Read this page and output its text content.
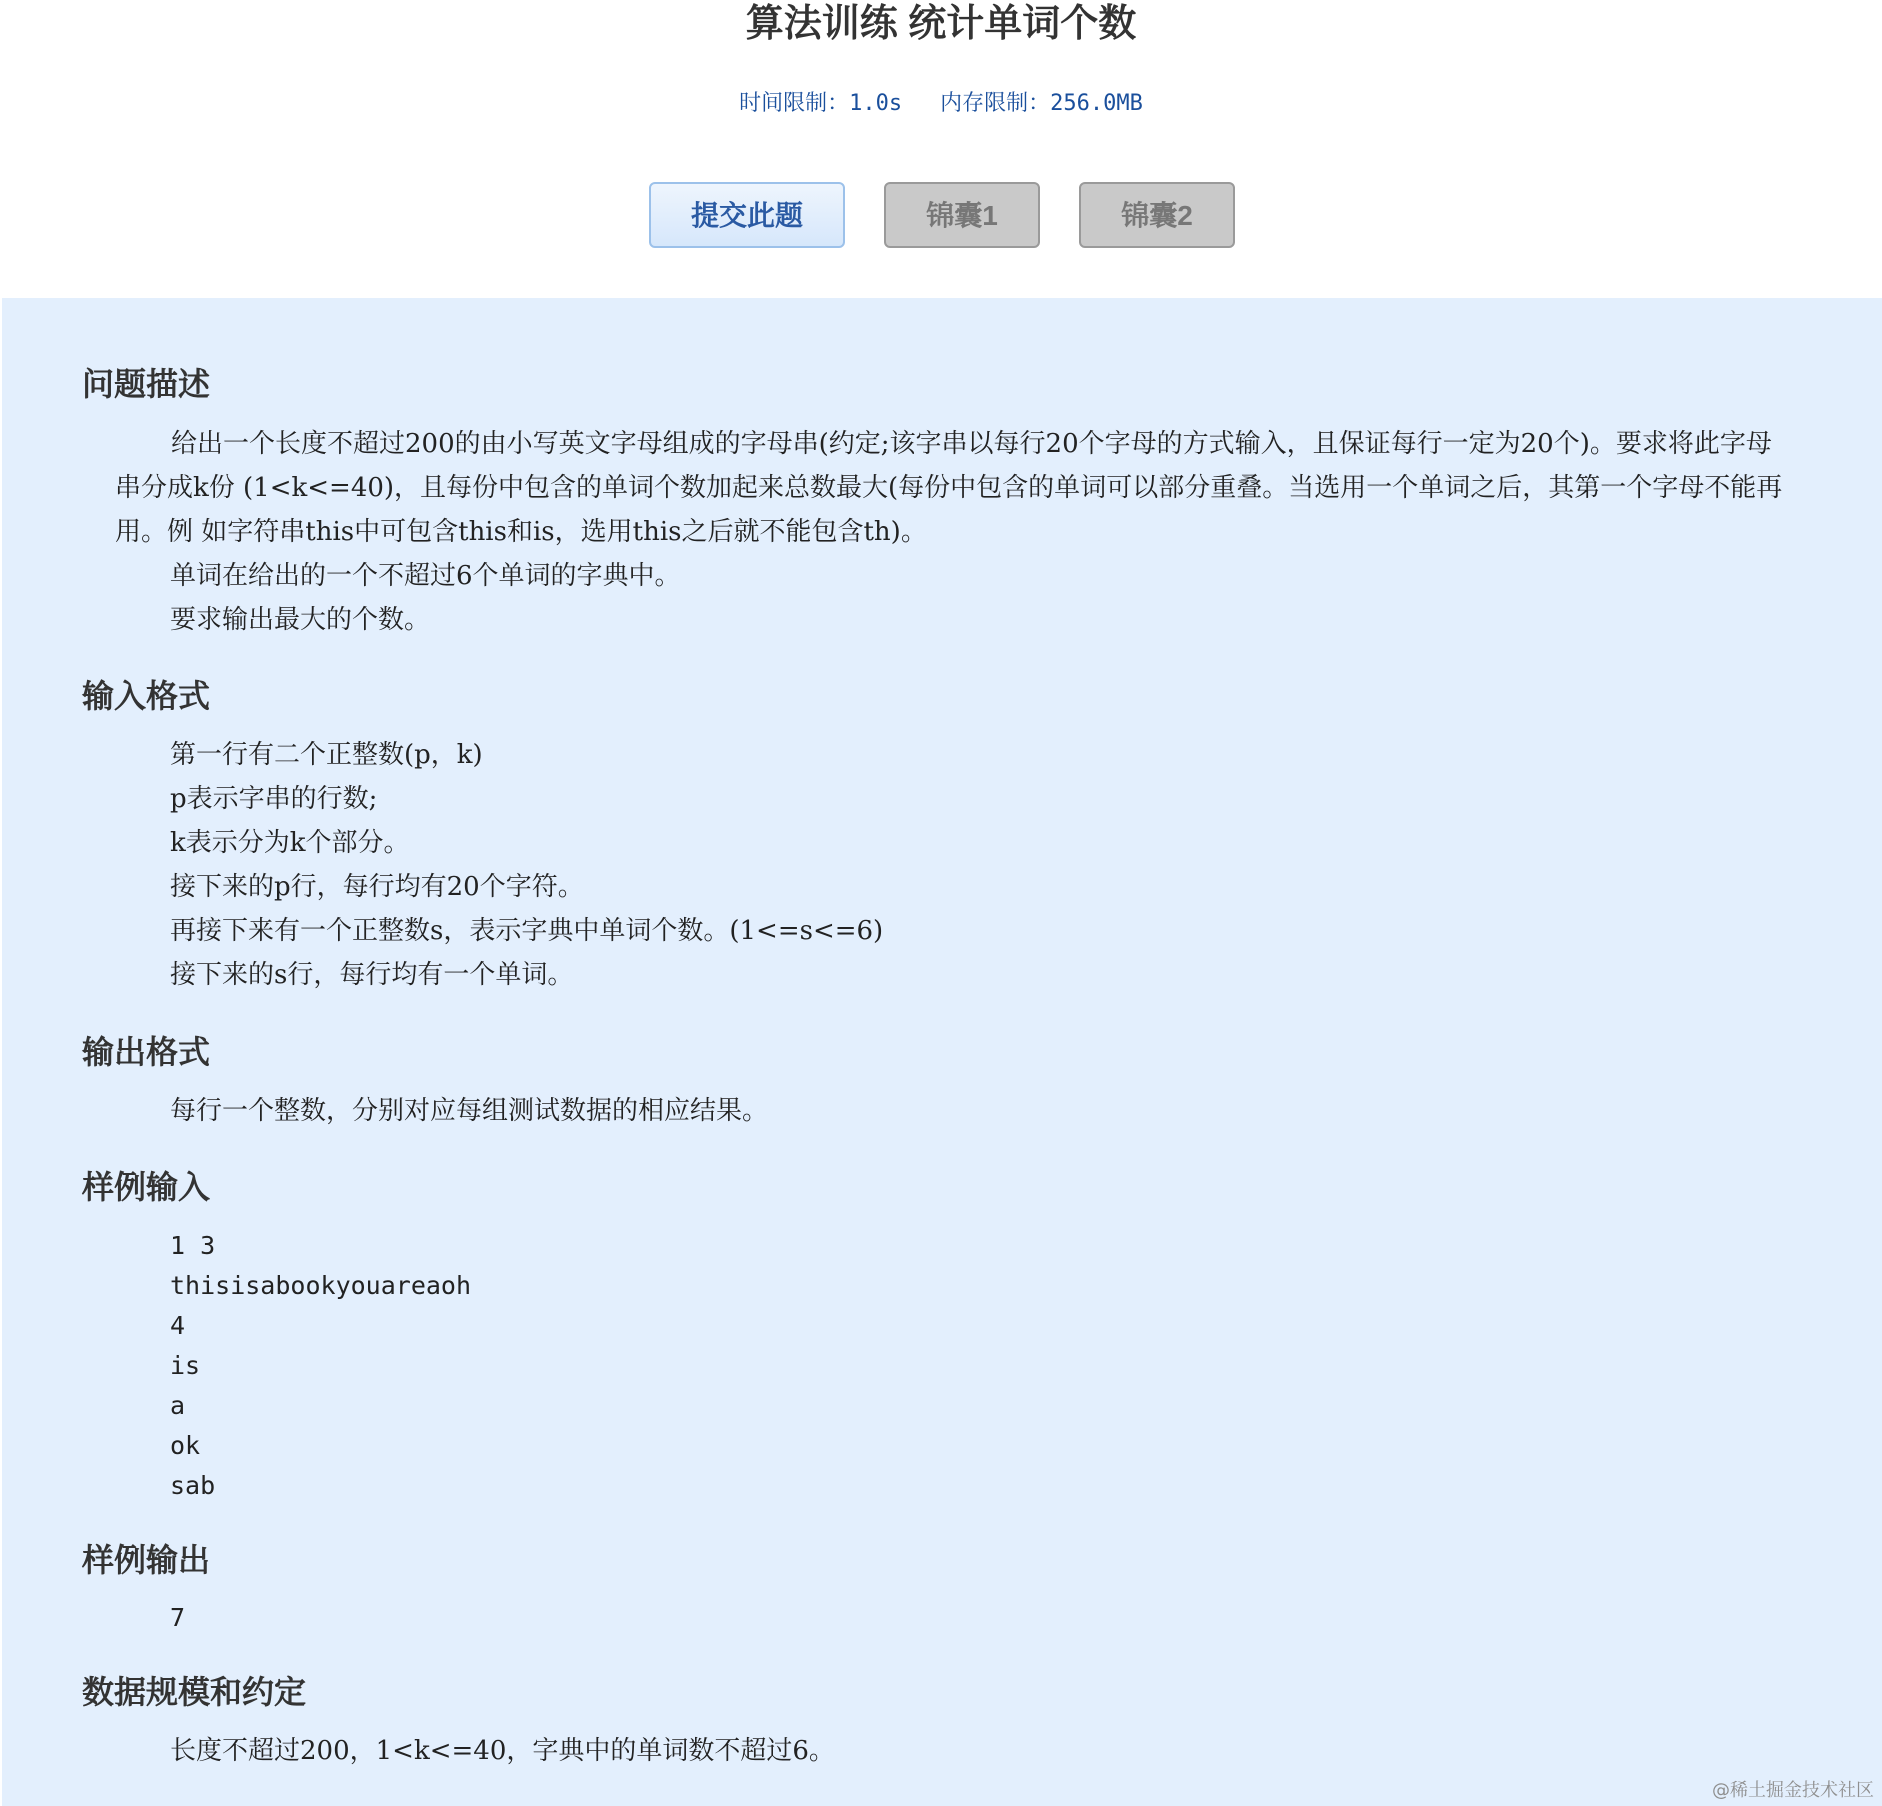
算法训练 统计单词个数
时间限制：1.0s 内存限制：256.0MB
提交此题	锦囊1	锦囊2
问题描述
给出一个长度不超过200的由小写英文字母组成的字母串(约定;该字串以每行20个字母的方式输入，且保证每行一定为20个)。要求将此字母串分成k份 (1<k<=40)，且每份中包含的单词个数加起来总数最大(每份中包含的单词可以部分重叠。当选用一个单词之后，其第一个字母不能再用。例 如字符串this中可包含this和is，选用this之后就不能包含th)。
单词在给出的一个不超过6个单词的字典中。
要求输出最大的个数。
输入格式
第一行有二个正整数(p，k)
p表示字串的行数;
k表示分为k个部分。
接下来的p行，每行均有20个字符。
再接下来有一个正整数s，表示字典中单词个数。(1<=s<=6)
接下来的s行，每行均有一个单词。
输出格式
每行一个整数，分别对应每组测试数据的相应结果。
样例输入
1 3
thisisabookyouareaoh
4
is
a
ok
sab
样例输出
7
数据规模和约定
长度不超过200，1<k<=40，字典中的单词数不超过6。
@稀土掘金技术社区
